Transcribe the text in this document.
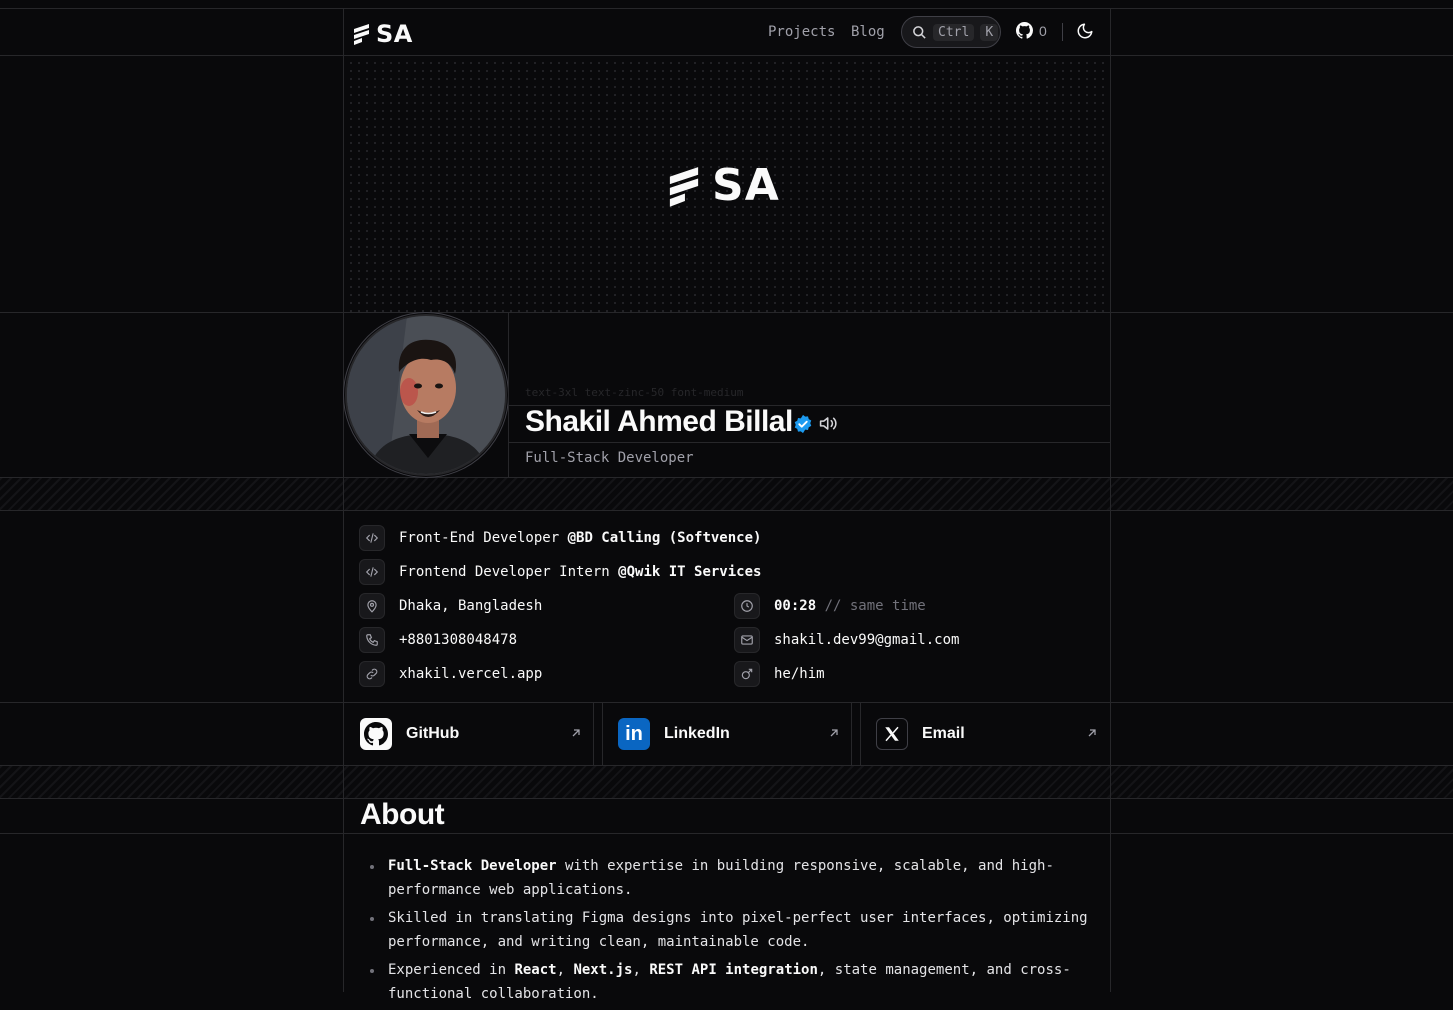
SA	Projects Blog	Ctrl	K	0
SA
text-3xl text-zinc-50 font-medium
Shakil Ahmed Billal
Full-Stack Developer
Front-End Developer @BD Calling (Softvence)
Frontend Developer Intern @Qwik IT Services
Dhaka, Bangladesh	00:28 // same time
+8801308048478	shakil.dev99@gmail.com
xhakil.vercel.app	he/him
GitHub	in LinkedIn	Email
About
Full-Stack Developer with expertise in building responsive, scalable, and high-performance web applications.
Skilled in translating Figma designs into pixel-perfect user interfaces, optimizing performance, and writing clean, maintainable code.
Experienced in React, Next.js, REST API integration, state management, and cross-functional collaboration.
